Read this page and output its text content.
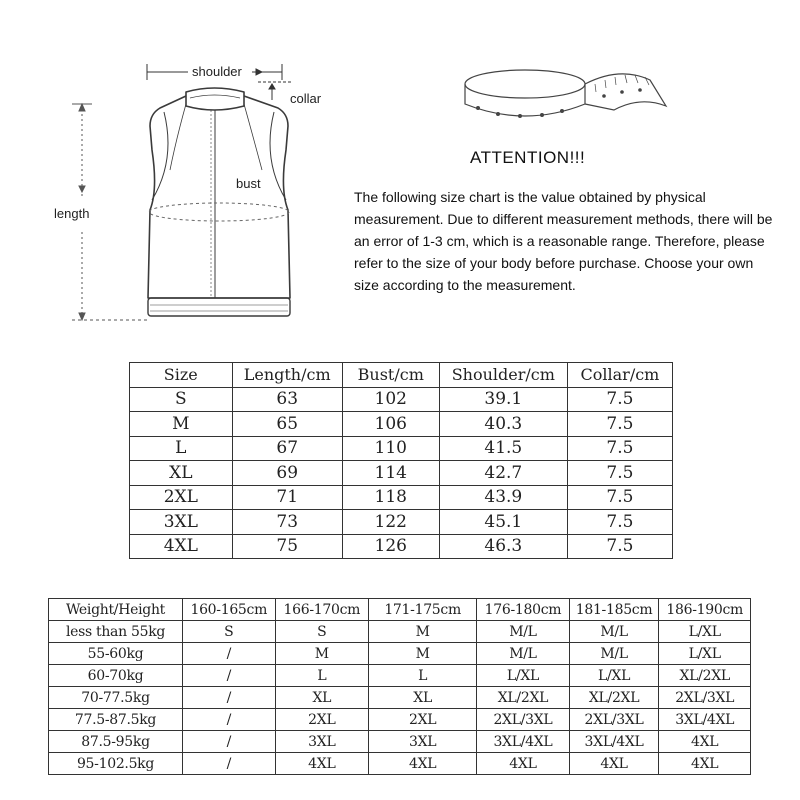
shoulder
collar
bust
length
ATTENTION!!!
The following size chart is the value obtained by physical measurement. Due to different measurement methods, there will be an error of 1-3 cm, which is a reasonable range. Therefore, please refer to the size of your body before purchase. Choose your own size according to the measurement.
Size	Length/cm	Bust/cm	Shoulder/cm	Collar/cm
S	63	102	39.1	7.5
M	65	106	40.3	7.5
L	67	110	41.5	7.5
XL	69	114	42.7	7.5
2XL	71	118	43.9	7.5
3XL	73	122	45.1	7.5
4XL	75	126	46.3	7.5
Weight/Height	160-165cm	166-170cm	171-175cm	176-180cm	181-185cm	186-190cm
less than 55kg	S	S	M	M/L	M/L	L/XL
55-60kg	/	M	M	M/L	M/L	L/XL
60-70kg	/	L	L	L/XL	L/XL	XL/2XL
70-77.5kg	/	XL	XL	XL/2XL	XL/2XL	2XL/3XL
77.5-87.5kg	/	2XL	2XL	2XL/3XL	2XL/3XL	3XL/4XL
87.5-95kg	/	3XL	3XL	3XL/4XL	3XL/4XL	4XL
95-102.5kg	/	4XL	4XL	4XL	4XL	4XL
